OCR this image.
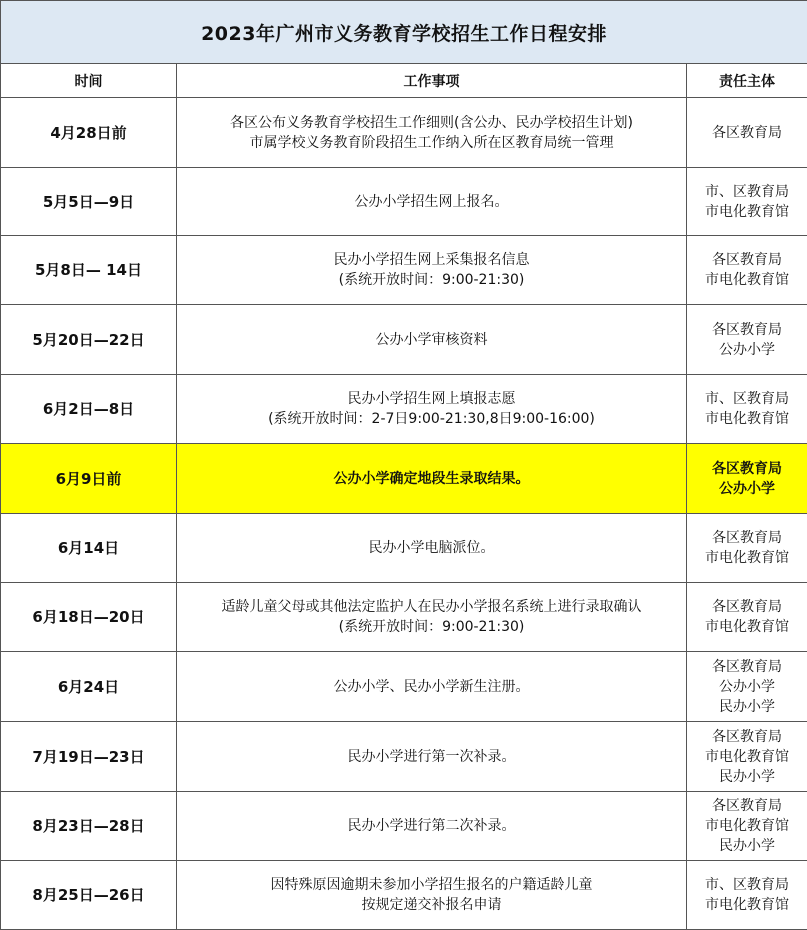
2023年广州市义务教育学校招生工作日程安排		
时间	工作事项	责任主体
4月28日前	各区公布义务教育学校招生工作细则(含公办、民办学校招生计划)
市属学校义务教育阶段招生工作纳入所在区教育局统一管理	各区教育局

5月5日—9日	公办小学招生网上报名。	市、区教育局
市电化教育馆

5月8日— 14日	民办小学招生网上采集报名信息
(系统开放时间：9:00-21:30)	各区教育局
市电化教育馆

5月20日—22日	公办小学审核资料	各区教育局
公办小学

6月2日—8日	民办小学招生网上填报志愿
(系统开放时间：2-7日9:00-21:30,8日9:00-16:00)	市、区教育局
市电化教育馆

6月9日前	公办小学确定地段生录取结果。	各区教育局
公办小学

6月14日	民办小学电脑派位。	各区教育局
市电化教育馆

6月18日—20日	适龄儿童父母或其他法定监护人在民办小学报名系统上进行录取确认
(系统开放时间：9:00-21:30)	各区教育局
市电化教育馆

6月24日	公办小学、民办小学新生注册。	各区教育局
公办小学
民办小学

7月19日—23日	民办小学进行第一次补录。	各区教育局
市电化教育馆
民办小学

8月23日—28日	民办小学进行第二次补录。	各区教育局
市电化教育馆
民办小学

8月25日—26日	因特殊原因逾期未参加小学招生报名的户籍适龄儿童
按规定递交补报名申请	市、区教育局
市电化教育馆
